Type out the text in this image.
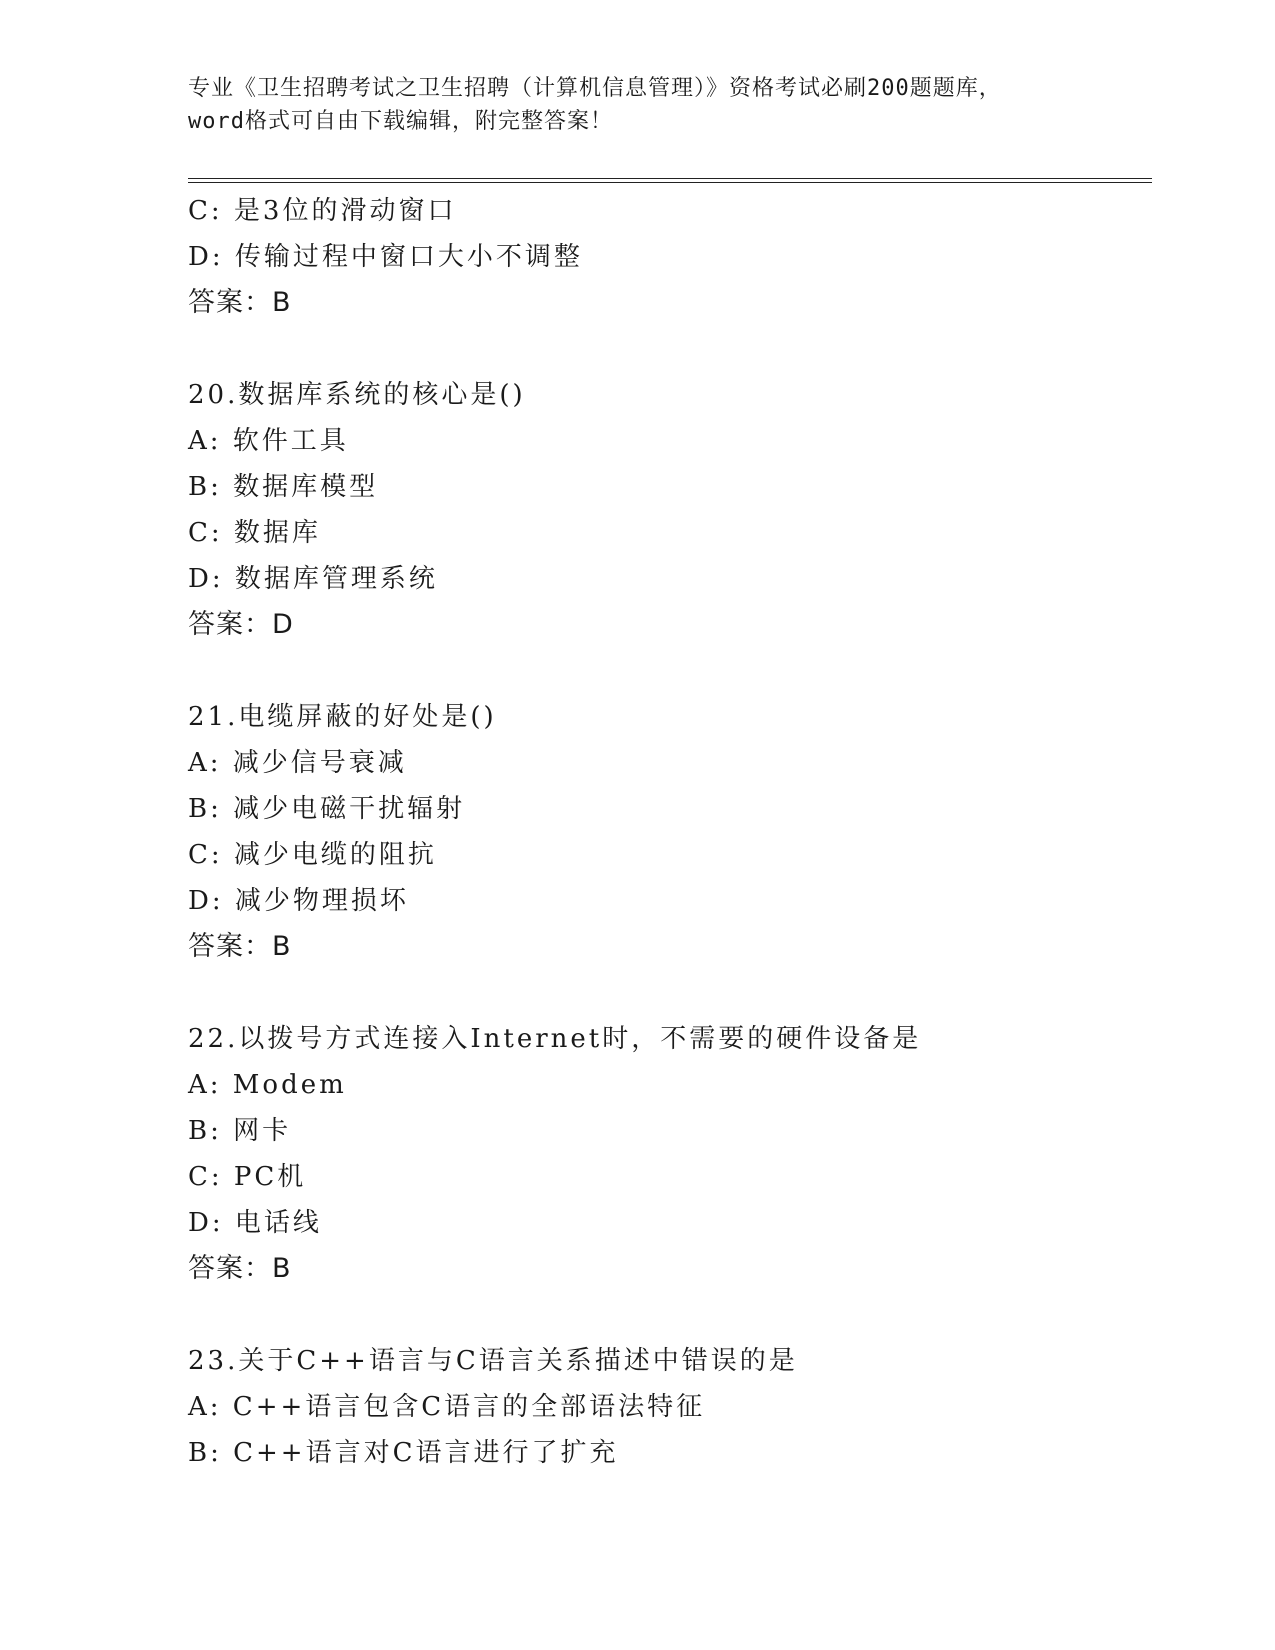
专业《卫生招聘考试之卫生招聘（计算机信息管理）》资格考试必刷200题题库，
word格式可自由下载编辑，附完整答案！
C: 是3位的滑动窗口
D: 传输过程中窗口大小不调整
答案：B
20.数据库系统的核心是()
A: 软件工具
B: 数据库模型
C: 数据库
D: 数据库管理系统
答案：D
21.电缆屏蔽的好处是()
A: 减少信号衰减
B: 减少电磁干扰辐射
C: 减少电缆的阻抗
D: 减少物理损坏
答案：B
22.以拨号方式连接入Internet时，不需要的硬件设备是
A: Modem
B: 网卡
C: PC机
D: 电话线
答案：B
23.关于C++语言与C语言关系描述中错误的是
A: C++语言包含C语言的全部语法特征
B: C++语言对C语言进行了扩充
